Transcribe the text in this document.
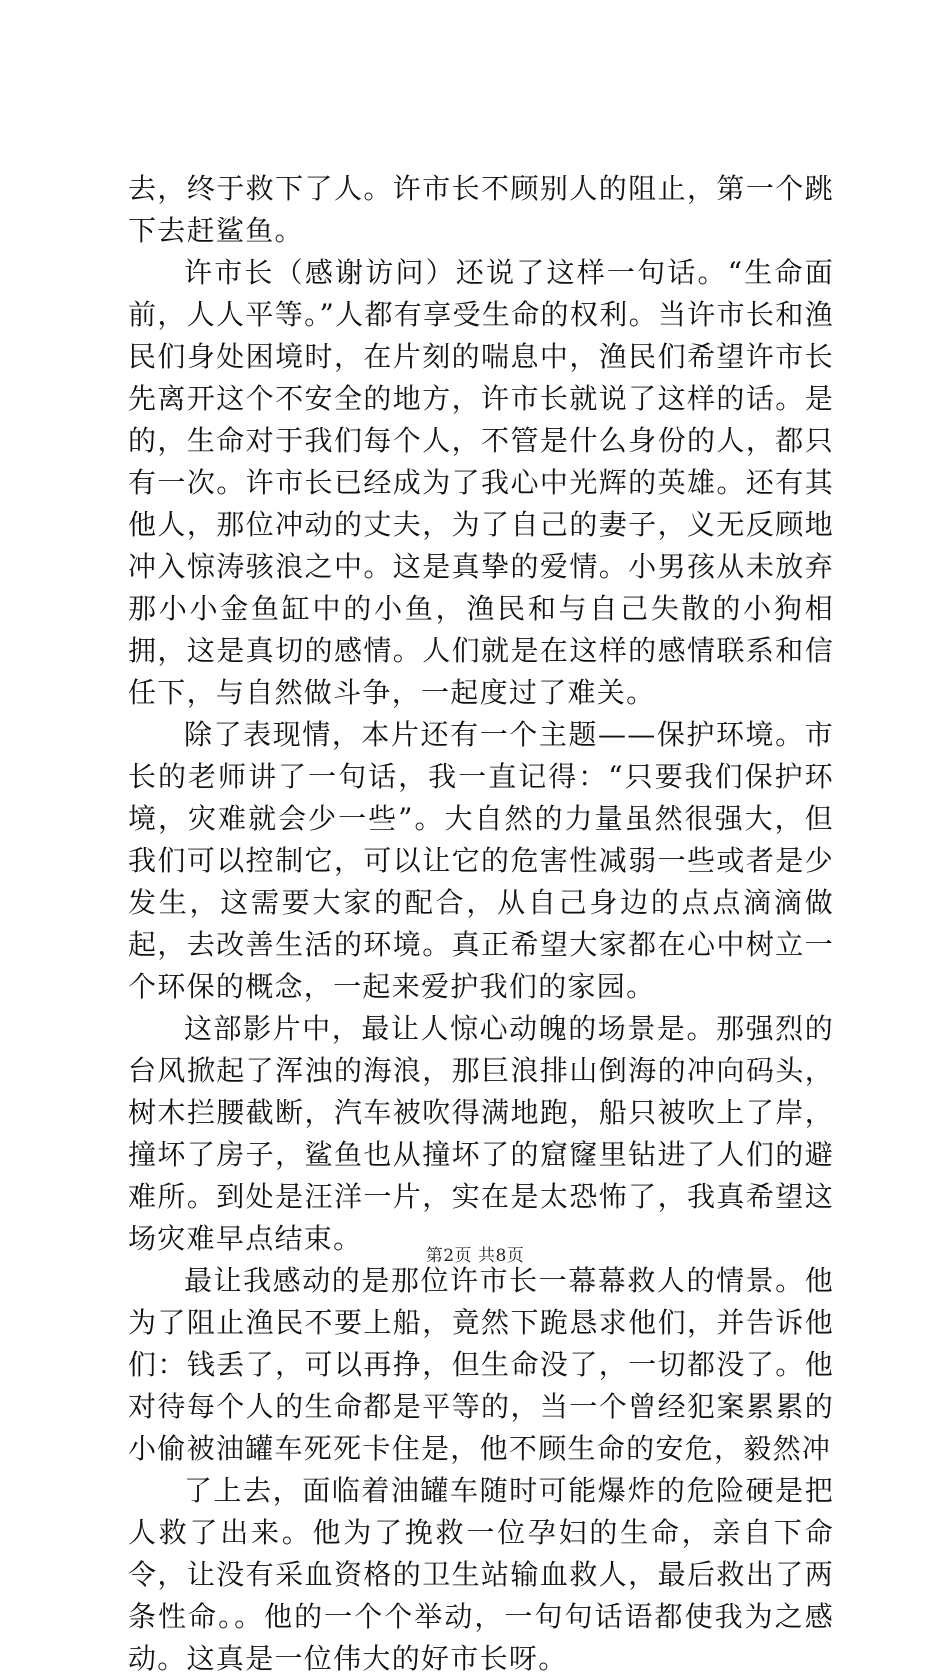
去，终于救下了人。许市长不顾别人的阻止，第一个跳下去赶鲨鱼。

许市长（感谢访问）还说了这样一句话。“生命面前，人人平等。”人都有享受生命的权利。当许市长和渔民们身处困境时，在片刻的喘息中，渔民们希望许市长先离开这个不安全的地方，许市长就说了这样的话。是的，生命对于我们每个人，不管是什么身份的人，都只有一次。许市长已经成为了我心中光辉的英雄。还有其他人，那位冲动的丈夫，为了自己的妻子，义无反顾地冲入惊涛骇浪之中。这是真挚的爱情。小男孩从未放弃那小小金鱼缸中的小鱼，渔民和与自己失散的小狗相拥，这是真切的感情。人们就是在这样的感情联系和信任下，与自然做斗争，一起度过了难关。

除了表现情，本片还有一个主题——保护环境。市长的老师讲了一句话，我一直记得：“只要我们保护环境，灾难就会少一些”。大自然的力量虽然很强大，但我们可以控制它，可以让它的危害性减弱一些或者是少发生，这需要大家的配合，从自己身边的点点滴滴做起，去改善生活的环境。真正希望大家都在心中树立一个环保的概念，一起来爱护我们的家园。

这部影片中，最让人惊心动魄的场景是。那强烈的台风掀起了浑浊的海浪，那巨浪排山倒海的冲向码头，树木拦腰截断，汽车被吹得满地跑，船只被吹上了岸，撞坏了房子，鲨鱼也从撞坏了的窟窿里钻进了人们的避难所。到处是汪洋一片，实在是太恐怖了，我真希望这场灾难早点结束。

最让我感动的是那位许市长一幕幕救人的情景。他为了阻止渔民不要上船，竟然下跪恳求他们，并告诉他们：钱丢了，可以再挣，但生命没了，一切都没了。他对待每个人的生命都是平等的，当一个曾经犯案累累的小偷被油罐车死死卡住是，他不顾生命的安危，毅然冲

了上去，面临着油罐车随时可能爆炸的危险硬是把人救了出来。他为了挽救一位孕妇的生命，亲自下命令，让没有采血资格的卫生站输血救人，最后救出了两条性命。。他的一个个举动，一句句话语都使我为之感动。这真是一位伟大的好市长呀。

第2页 共8页
